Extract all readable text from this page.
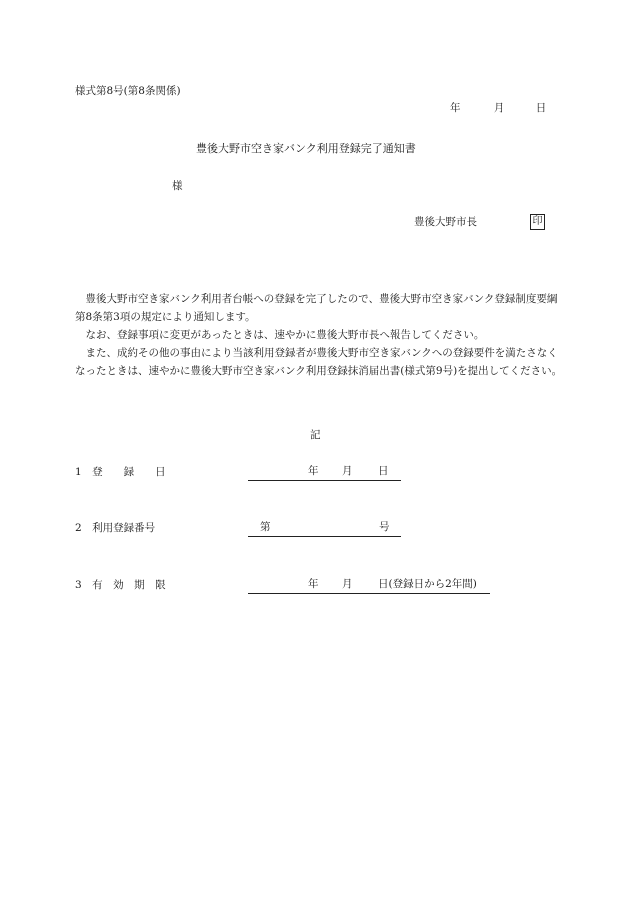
様式第8号(第8条関係)
年	月	日
豊後大野市空き家バンク利用登録完了通知書
様
豊後大野市長	印

豊後大野市空き家バンク利用者台帳への登録を完了したので、豊後大野市空き家バンク登録制度要綱第8条第3項の規定により通知します。

なお、登録事項に変更があったときは、速やかに豊後大野市長へ報告してください。

また、成約その他の事由により当該利用登録者が豊後大野市空き家バンクへの登録要件を満たさなくなったときは、速やかに豊後大野市空き家バンク利用登録抹消届出書(様式第9号)を提出してください。

記
1　登　　録　　日	年 月 日
2　利用登録番号	第	号
3　有　効　期　限	年 月 日(登録日から2年間)
